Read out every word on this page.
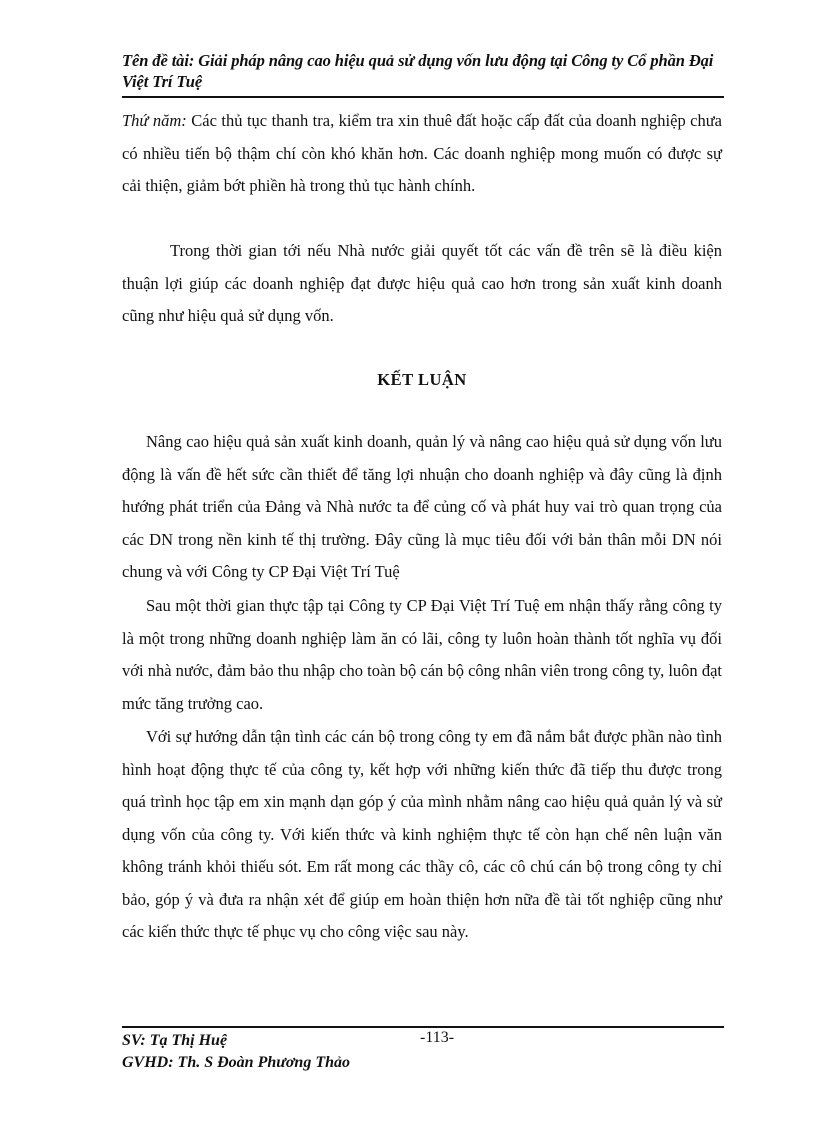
Tên đề tài: Giải pháp nâng cao hiệu quả sử dụng vốn lưu động tại Công ty Cổ phần Đại Việt Trí Tuệ

Thứ năm: Các thủ tục thanh tra, kiểm tra xin thuê đất hoặc cấp đất của doanh nghiệp chưa có nhiều tiến bộ thậm chí còn khó khăn hơn. Các doanh nghiệp mong muốn có được sự cải thiện, giảm bớt phiền hà trong thủ tục hành chính.

Trong thời gian tới nếu Nhà nước giải quyết tốt các vấn đề trên sẽ là điều kiện thuận lợi giúp các doanh nghiệp đạt được hiệu quả cao hơn trong sản xuất kinh doanh cũng như hiệu quả sử dụng vốn.

KẾT LUẬN

Nâng cao hiệu quả sản xuất kinh doanh, quản lý và nâng cao hiệu quả sử dụng vốn lưu động là vấn đề hết sức cần thiết để tăng lợi nhuận cho doanh nghiệp và đây cũng là định hướng phát triển của Đảng và Nhà nước ta để củng cố và phát huy vai trò quan trọng của các DN trong nền kinh tế thị trường. Đây cũng là mục tiêu đối với bản thân mỗi DN nói chung và với Công ty CP Đại Việt Trí Tuệ

Sau một thời gian thực tập tại Công ty CP Đại Việt Trí Tuệ em nhận thấy rằng công ty là một trong những doanh nghiệp làm ăn có lãi, công ty luôn hoàn thành tốt nghĩa vụ đối với nhà nước, đảm bảo thu nhập cho toàn bộ cán bộ công nhân viên trong công ty, luôn đạt mức tăng trưởng cao.

Với sự hướng dẫn tận tình các cán bộ trong công ty em đã nắm bắt được phần nào tình hình hoạt động thực tế của công ty, kết hợp với những kiến thức đã tiếp thu được trong quá trình học tập em xin mạnh dạn góp ý của mình nhằm nâng cao hiệu quả quản lý và sử dụng vốn của công ty. Với kiến thức và kinh nghiệm thực tế còn hạn chế nên luận văn không tránh khỏi thiếu sót. Em rất mong các thầy cô, các cô chú cán bộ trong công ty chỉ bảo, góp ý và đưa ra nhận xét để giúp em hoàn thiện hơn nữa đề tài tốt nghiệp cũng như các kiến thức thực tế phục vụ cho công việc sau này.

SV: Tạ Thị Huệ	-113-
GVHD: Th. S Đoàn Phương Thảo
